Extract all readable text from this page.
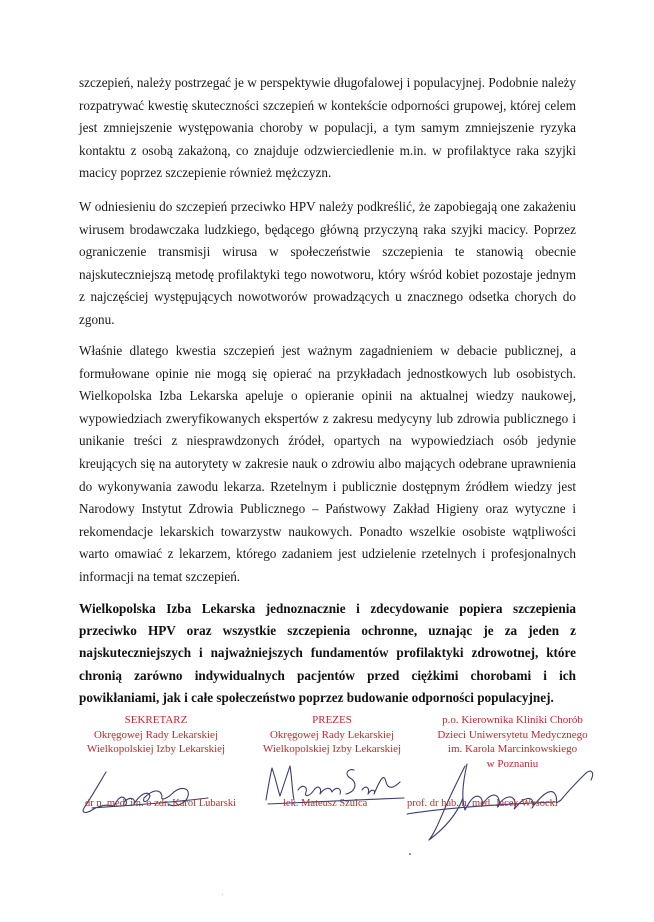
szczepień, należy postrzegać je w perspektywie długofalowej i populacyjnej. Podobnie należy rozpatrywać kwestię skuteczności szczepień w kontekście odporności grupowej, której celem jest zmniejszenie występowania choroby w populacji, a tym samym zmniejszenie ryzyka kontaktu z osobą zakażoną, co znajduje odzwierciedlenie m.in. w profilaktyce raka szyjki macicy poprzez szczepienie również mężczyzn.

W odniesieniu do szczepień przeciwko HPV należy podkreślić, że zapobiegają one zakażeniu wirusem brodawczaka ludzkiego, będącego główną przyczyną raka szyjki macicy. Poprzez ograniczenie transmisji wirusa w społeczeństwie szczepienia te stanowią obecnie najskuteczniejszą metodę profilaktyki tego nowotworu, który wśród kobiet pozostaje jednym z najczęściej występujących nowotworów prowadzących u znacznego odsetka chorych do zgonu.

Właśnie dlatego kwestia szczepień jest ważnym zagadnieniem w debacie publicznej, a formułowane opinie nie mogą się opierać na przykładach jednostkowych lub osobistych. Wielkopolska Izba Lekarska apeluje o opieranie opinii na aktualnej wiedzy naukowej, wypowiedziach zweryfikowanych ekspertów z zakresu medycyny lub zdrowia publicznego i unikanie treści z niesprawdzonych źródeł, opartych na wypowiedziach osób jedynie kreujących się na autorytety w zakresie nauk o zdrowiu albo mających odebrane uprawnienia do wykonywania zawodu lekarza. Rzetelnym i publicznie dostępnym źródłem wiedzy jest Narodowy Instytut Zdrowia Publicznego – Państwowy Zakład Higieny oraz wytyczne i rekomendacje lekarskich towarzystw naukowych. Ponadto wszelkie osobiste wątpliwości warto omawiać z lekarzem, którego zadaniem jest udzielenie rzetelnych i profesjonalnych informacji na temat szczepień.

Wielkopolska Izba Lekarska jednoznacznie i zdecydowanie popiera szczepienia przeciwko HPV oraz wszystkie szczepienia ochronne, uznając je za jeden z najskuteczniejszych i najważniejszych fundamentów profilaktyki zdrowotnej, które chronią zarówno indywidualnych pacjentów przed ciężkimi chorobami i ich powikłaniami, jak i całe społeczeństwo poprzez budowanie odporności populacyjnej.

SEKRETARZ
Okręgowej Rady Lekarskiej
Wielkopolskiej Izby Lekarskiej
dr n. med. i n. o zdr. Karol Lubarski
PREZES
Okręgowej Rady Lekarskiej
Wielkopolskiej Izby Lekarskiej
lek. Mateusz Szulca
p.o. Kierownika Kliniki Chorób
Dzieci Uniwersytetu Medycznego
im. Karola Marcinkowskiego
w Poznaniu
prof. dr hab. n. med. Jacek Wysocki
